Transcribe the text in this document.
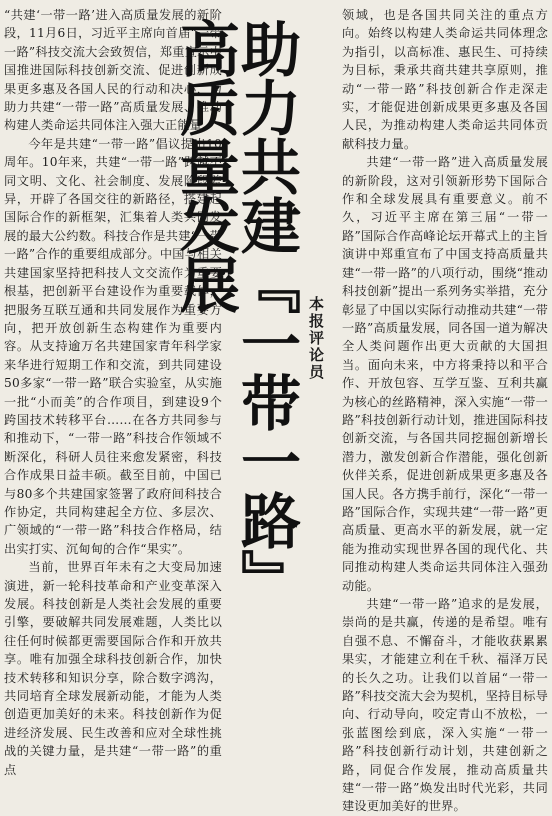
“共建‘一带一路’进入高质量发展的新阶段，11月6日，习近平主席向首届“一带一路”科技交流大会致贺信，郑重宣示中国推进国际科技创新交流、促进创新成果更多惠及各国人民的行动和决心，为助力共建“一带一路”高质量发展、推动构建人类命运共同体注入强大正能量。

今年是共建“一带一路”倡议提出10周年。10年来，共建“一带一路”跨越不同文明、文化、社会制度、发展阶段差异，开辟了各国交往的新路径，搭建起国际合作的新框架，汇集着人类共同发展的最大公约数。科技合作是共建“一带一路”合作的重要组成部分。中国与相关共建国家坚持把科技人文交流作为重要根基，把创新平台建设作为重要载体，把服务互联互通和共同发展作为重要方向，把开放创新生态构建作为重要内容。从支持逾万名共建国家青年科学家来华进行短期工作和交流，到共同建设50多家“一带一路”联合实验室，从实施一批“小而美”的合作项目，到建设9个跨国技术转移平台……在各方共同参与和推动下，“一带一路”科技合作领域不断深化，科研人员往来愈发紧密，科技合作成果日益丰硕。截至目前，中国已与80多个共建国家签署了政府间科技合作协定，共同构建起全方位、多层次、广领域的“一带一路”科技合作格局，结出实打实、沉甸甸的合作“果实”。

当前，世界百年未有之大变局加速演进，新一轮科技革命和产业变革深入发展。科技创新是人类社会发展的重要引擎，要破解共同发展难题，人类比以往任何时候都更需要国际合作和开放共享。唯有加强全球科技创新合作，加快技术转移和知识分享，除合数字鸿沟，共同培育全球发展新动能，才能为人类创造更加美好的未来。科技创新作为促进经济发展、民生改善和应对全球性挑战的关键力量，是共建“一带一路”的重点

助力共建『一带一路』高质量发展
本报评论员

领域，也是各国共同关注的重点方向。始终以构建人类命运共同体理念为指引，以高标准、惠民生、可持续为目标，秉承共商共建共享原则，推动“一带一路”科技创新合作走深走实，才能促进创新成果更多惠及各国人民，为推动构建人类命运共同体贡献科技力量。

共建“一带一路”进入高质量发展的新阶段，这对引领新形势下国际合作和全球发展具有重要意义。前不久，习近平主席在第三届“一带一路”国际合作高峰论坛开幕式上的主旨演讲中郑重宣布了中国支持高质量共建“一带一路”的八项行动，围绕“推动科技创新”提出一系列务实举措，充分彰显了中国以实际行动推动共建“一带一路”高质量发展，同各国一道为解决全人类问题作出更大贡献的大国担当。面向未来，中方将秉持以和平合作、开放包容、互学互鉴、互利共赢为核心的丝路精神，深入实施“一带一路”科技创新行动计划，推进国际科技创新交流，与各国共同挖掘创新增长潜力，激发创新合作潜能，强化创新伙伴关系，促进创新成果更多惠及各国人民。各方携手前行，深化“一带一路”国际合作，实现共建“一带一路”更高质量、更高水平的新发展，就一定能为推动实现世界各国的现代化、共同推动构建人类命运共同体注入强劲动能。

共建“一带一路”追求的是发展，崇尚的是共赢，传递的是希望。唯有自强不息、不懈奋斗，才能收获累累果实，才能建立利在千秋、福泽万民的长久之功。让我们以首届“一带一路”科技交流大会为契机，坚持目标导向、行动导向，咬定青山不放松，一张蓝图绘到底，深入实施“一带一路”科技创新行动计划，共建创新之路，同促合作发展，推动高质量共建“一带一路”焕发出时代光彩，共同建设更加美好的世界。
